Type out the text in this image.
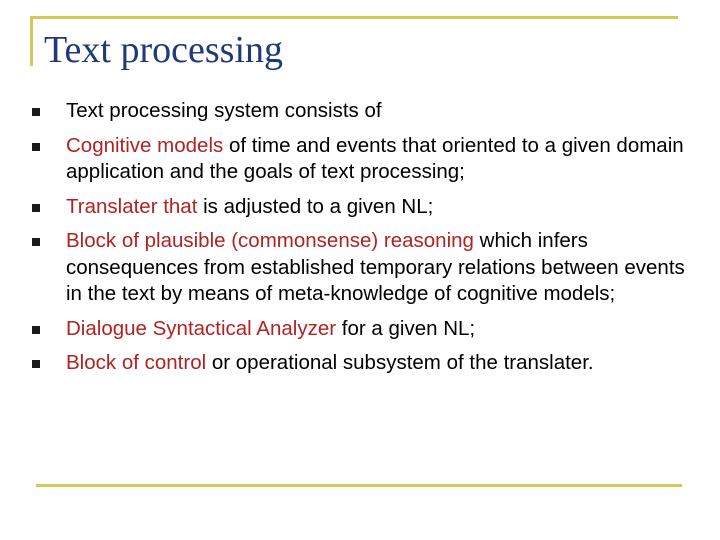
Text processing
Text processing system consists of
Cognitive models of time and events that oriented to a given domain application and the goals of text processing;
Translater that is adjusted to a given NL;
Block of plausible (commonsense) reasoning which infers consequences from established temporary relations between events in the text by means of meta-knowledge of cognitive models;
Dialogue Syntactical Analyzer for a given NL;
Block of control or operational subsystem of the translater.
